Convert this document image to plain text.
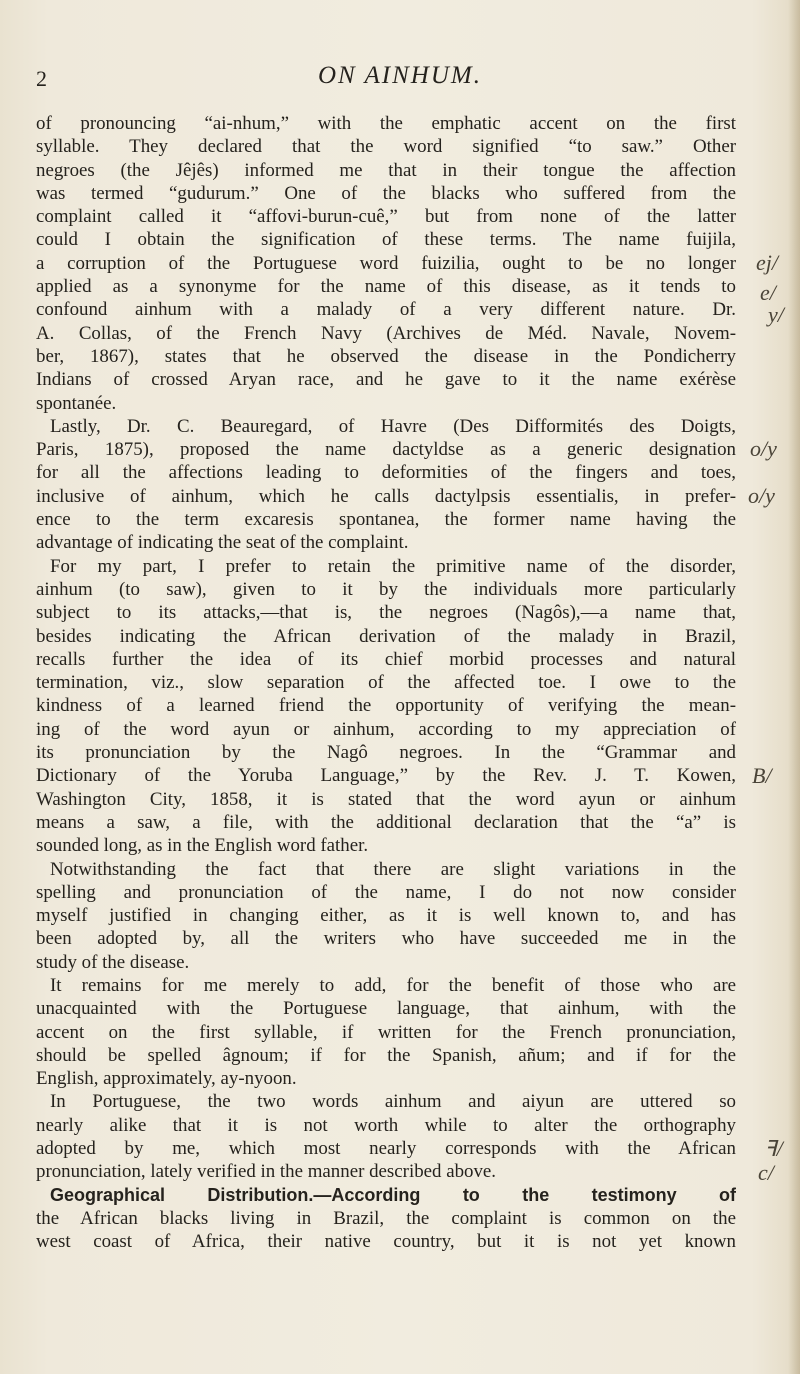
2	ON AINHUM.
of pronouncing “ai-nhum,” with the emphatic accent on the first
syllable. They declared that the word signified “to saw.” Other
negroes (the Jêjês) informed me that in their tongue the affection
was termed “gudurum.” One of the blacks who suffered from the
complaint called it “affovi-burun-cuê,” but from none of the latter
could I obtain the signification of these terms. The name fuijila,
a corruption of the Portuguese word fuizilia, ought to be no longer
applied as a synonyme for the name of this disease, as it tends to
confound ainhum with a malady of a very different nature. Dr.
A. Collas, of the French Navy (Archives de Méd. Navale, Novem-
ber, 1867), states that he observed the disease in the Pondicherry
Indians of crossed Aryan race, and he gave to it the name exérèse
spontanée.
Lastly, Dr. C. Beauregard, of Havre (Des Difformités des Doigts,
Paris, 1875), proposed the name dactyldse as a generic designation
for all the affections leading to deformities of the fingers and toes,
inclusive of ainhum, which he calls dactylpsis essentialis, in prefer-
ence to the term excaresis spontanea, the former name having the
advantage of indicating the seat of the complaint.
For my part, I prefer to retain the primitive name of the disorder,
ainhum (to saw), given to it by the individuals more particularly
subject to its attacks,—that is, the negroes (Nagôs),—a name that,
besides indicating the African derivation of the malady in Brazil,
recalls further the idea of its chief morbid processes and natural
termination, viz., slow separation of the affected toe. I owe to the
kindness of a learned friend the opportunity of verifying the mean-
ing of the word ayun or ainhum, according to my appreciation of
its pronunciation by the Nagô negroes. In the “Grammar and
Dictionary of the Yoruba Language,” by the Rev. J. T. Kowen,
Washington City, 1858, it is stated that the word ayun or ainhum
means a saw, a file, with the additional declaration that the “a” is
sounded long, as in the English word father.
Notwithstanding the fact that there are slight variations in the
spelling and pronunciation of the name, I do not now consider
myself justified in changing either, as it is well known to, and has
been adopted by, all the writers who have succeeded me in the
study of the disease.
It remains for me merely to add, for the benefit of those who are
unacquainted with the Portuguese language, that ainhum, with the
accent on the first syllable, if written for the French pronunciation,
should be spelled âgnoum; if for the Spanish, añum; and if for the
English, approximately, ay-nyoon.
In Portuguese, the two words ainhum and aiyun are uttered so
nearly alike that it is not worth while to alter the orthography
adopted by me, which most nearly corresponds with the African
pronunciation, lately verified in the manner described above.
Geographical Distribution.—According to the testimony of
the African blacks living in Brazil, the complaint is common on the
west coast of Africa, their native country, but it is not yet known
ej/
e/
y/
o/y
o/y
B/
ꟻ/
c/
